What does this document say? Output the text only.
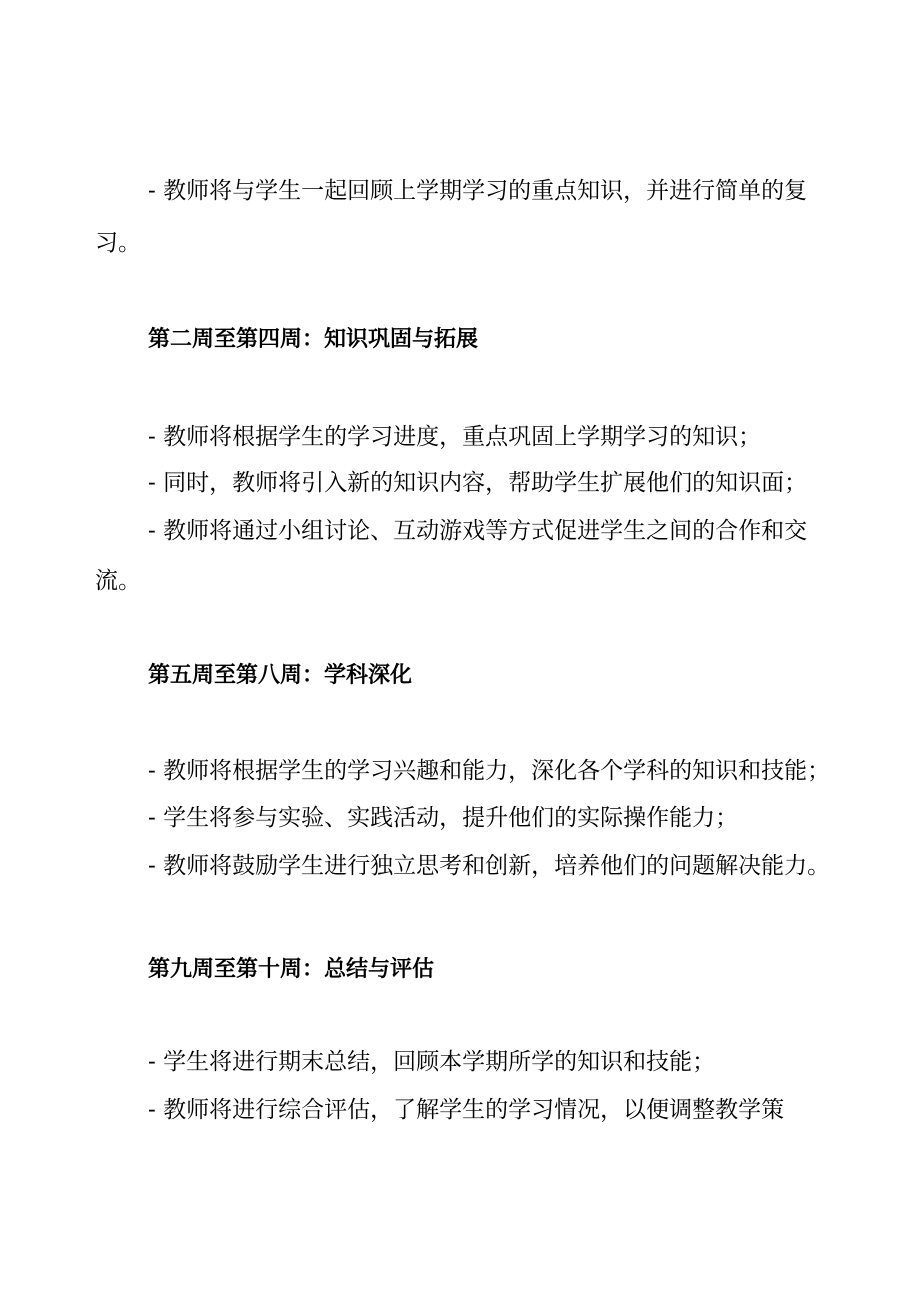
- 教师将与学生一起回顾上学期学习的重点知识，并进行简单的复
习。
第二周至第四周：知识巩固与拓展
- 教师将根据学生的学习进度，重点巩固上学期学习的知识；
- 同时，教师将引入新的知识内容，帮助学生扩展他们的知识面；
- 教师将通过小组讨论、互动游戏等方式促进学生之间的合作和交
流。
第五周至第八周：学科深化
- 教师将根据学生的学习兴趣和能力，深化各个学科的知识和技能；
- 学生将参与实验、实践活动，提升他们的实际操作能力；
- 教师将鼓励学生进行独立思考和创新，培养他们的问题解决能力。
第九周至第十周：总结与评估
- 学生将进行期末总结，回顾本学期所学的知识和技能；
- 教师将进行综合评估，了解学生的学习情况，以便调整教学策
